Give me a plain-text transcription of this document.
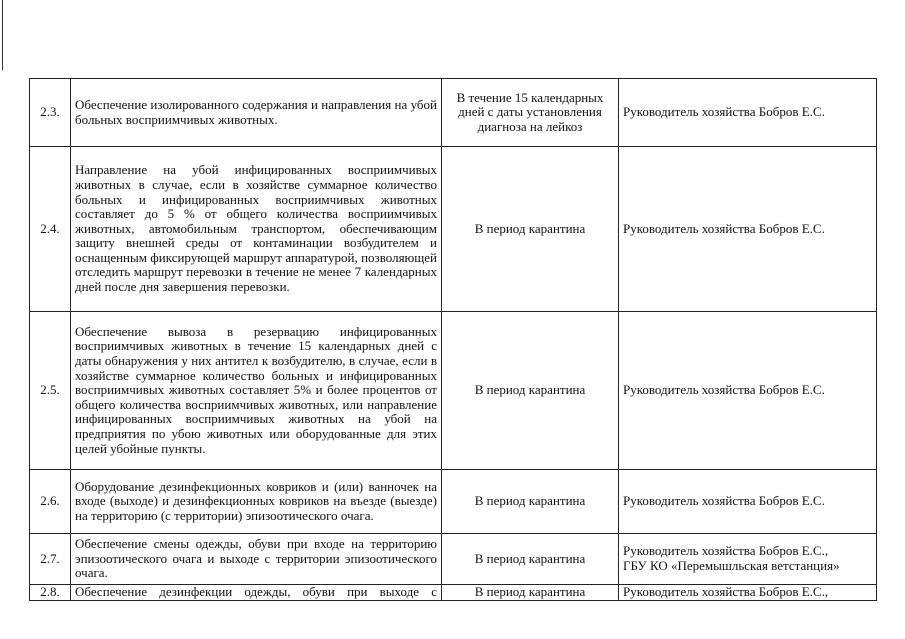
2.3.	Обеспечение изолированного содержания и направления на убой больных восприимчивых животных.	В течение 15 календарных дней с даты установления диагноза на лейкоз	Руководитель хозяйства Бобров Е.С.
2.4.	Направление на убой инфицированных восприимчивых животных в случае, если в хозяйстве суммарное количество больных и инфицированных восприимчивых животных составляет до 5 % от общего количества восприимчивых животных, автомобильным транспортом, обеспечивающим защиту внешней среды от контаминации возбудителем и оснащенным фиксирующей маршрут аппаратурой, позволяющей отследить маршрут перевозки в течение не менее 7 календарных дней после дня завершения перевозки.	В период карантина	Руководитель хозяйства Бобров Е.С.
2.5.	Обеспечение вывоза в резервацию инфицированных восприимчивых животных в течение 15 календарных дней с даты обнаружения у них антител к возбудителю, в случае, если в хозяйстве суммарное количество больных и инфицированных восприимчивых животных составляет 5% и более процентов от общего количества восприимчивых животных, или направление инфицированных восприимчивых животных на убой на предприятия по убою животных или оборудованные для этих целей убойные пункты.	В период карантина	Руководитель хозяйства Бобров Е.С.
2.6.	Оборудование дезинфекционных ковриков и (или) ванночек на входе (выходе) и дезинфекционных ковриков на въезде (выезде) на территорию (с территории) эпизоотического очага.	В период карантина	Руководитель хозяйства Бобров Е.С.
2.7.	Обеспечение смены одежды, обуви при входе на территорию эпизоотического очага и выходе с территории эпизоотического очага.	В период карантина	Руководитель хозяйства Бобров Е.С.,
ГБУ КО «Перемышльская ветстанция»
2.8.	Обеспечение дезинфекции одежды, обуви при выходе с	В период карантина	Руководитель хозяйства Бобров Е.С.,
